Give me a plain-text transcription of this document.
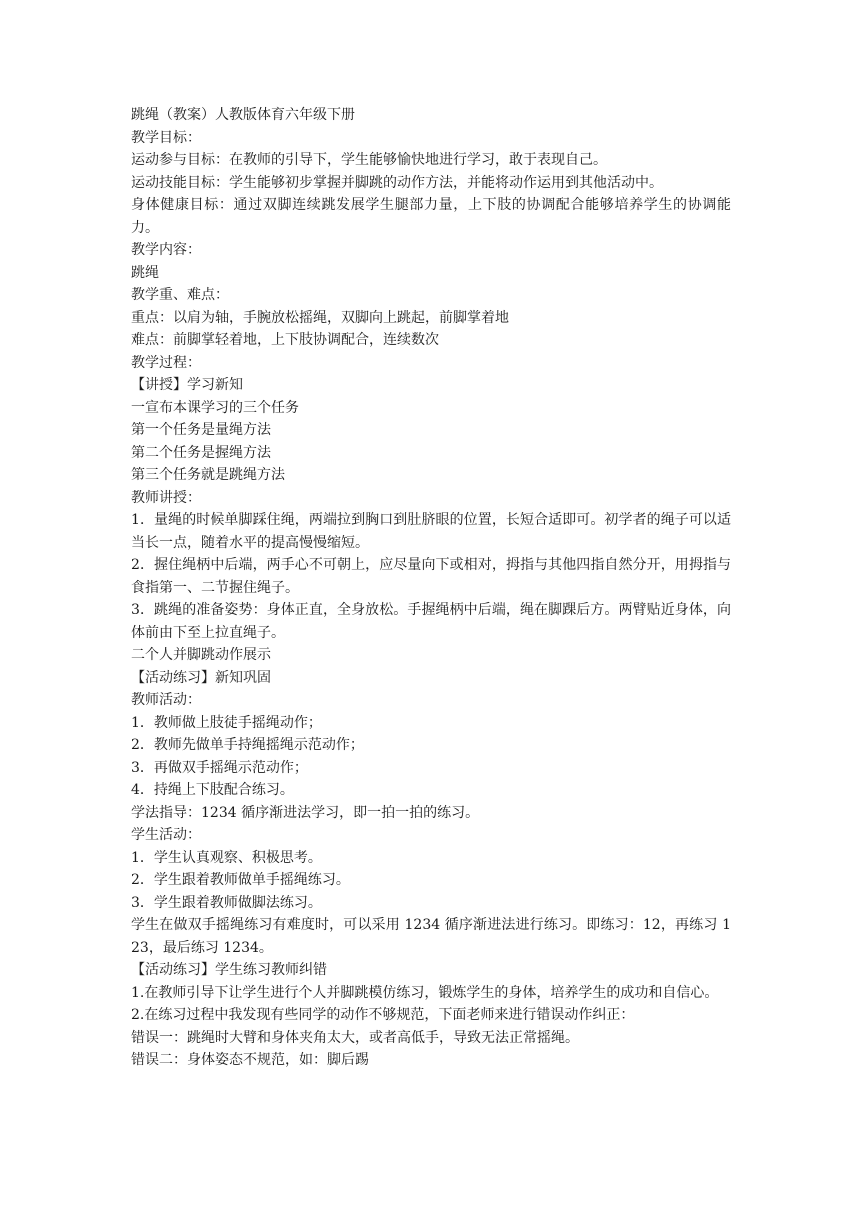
跳绳（教案）人教版体育六年级下册
教学目标：
运动参与目标：在教师的引导下，学生能够愉快地进行学习，敢于表现自己。
运动技能目标：学生能够初步掌握并脚跳的动作方法，并能将动作运用到其他活动中。
身体健康目标：通过双脚连续跳发展学生腿部力量，上下肢的协调配合能够培养学生的协调能力。
教学内容：
跳绳
教学重、难点：
重点：以肩为轴，手腕放松摇绳，双脚向上跳起，前脚掌着地
难点：前脚掌轻着地，上下肢协调配合，连续数次
教学过程：
【讲授】学习新知
一宣布本课学习的三个任务
第一个任务是量绳方法
第二个任务是握绳方法
第三个任务就是跳绳方法
教师讲授：
1．量绳的时候单脚踩住绳，两端拉到胸口到肚脐眼的位置，长短合适即可。初学者的绳子可以适当长一点，随着水平的提高慢慢缩短。
2．握住绳柄中后端，两手心不可朝上，应尽量向下或相对，拇指与其他四指自然分开，用拇指与食指第一、二节握住绳子。
3．跳绳的准备姿势：身体正直，全身放松。手握绳柄中后端，绳在脚踝后方。两臂贴近身体，向体前由下至上拉直绳子。
二个人并脚跳动作展示
【活动练习】新知巩固
教师活动：
1．教师做上肢徒手摇绳动作；
2．教师先做单手持绳摇绳示范动作；
3．再做双手摇绳示范动作；
4．持绳上下肢配合练习。
学法指导：1234 循序渐进法学习，即一拍一拍的练习。
学生活动：
1．学生认真观察、积极思考。
2．学生跟着教师做单手摇绳练习。
3．学生跟着教师做脚法练习。
学生在做双手摇绳练习有难度时，可以采用 1234 循序渐进法进行练习。即练习：12，再练习 123，最后练习 1234。
【活动练习】学生练习教师纠错
1.在教师引导下让学生进行个人并脚跳模仿练习，锻炼学生的身体，培养学生的成功和自信心。
2.在练习过程中我发现有些同学的动作不够规范，下面老师来进行错误动作纠正：
错误一：跳绳时大臂和身体夹角太大，或者高低手，导致无法正常摇绳。
错误二：身体姿态不规范，如：脚后踢
